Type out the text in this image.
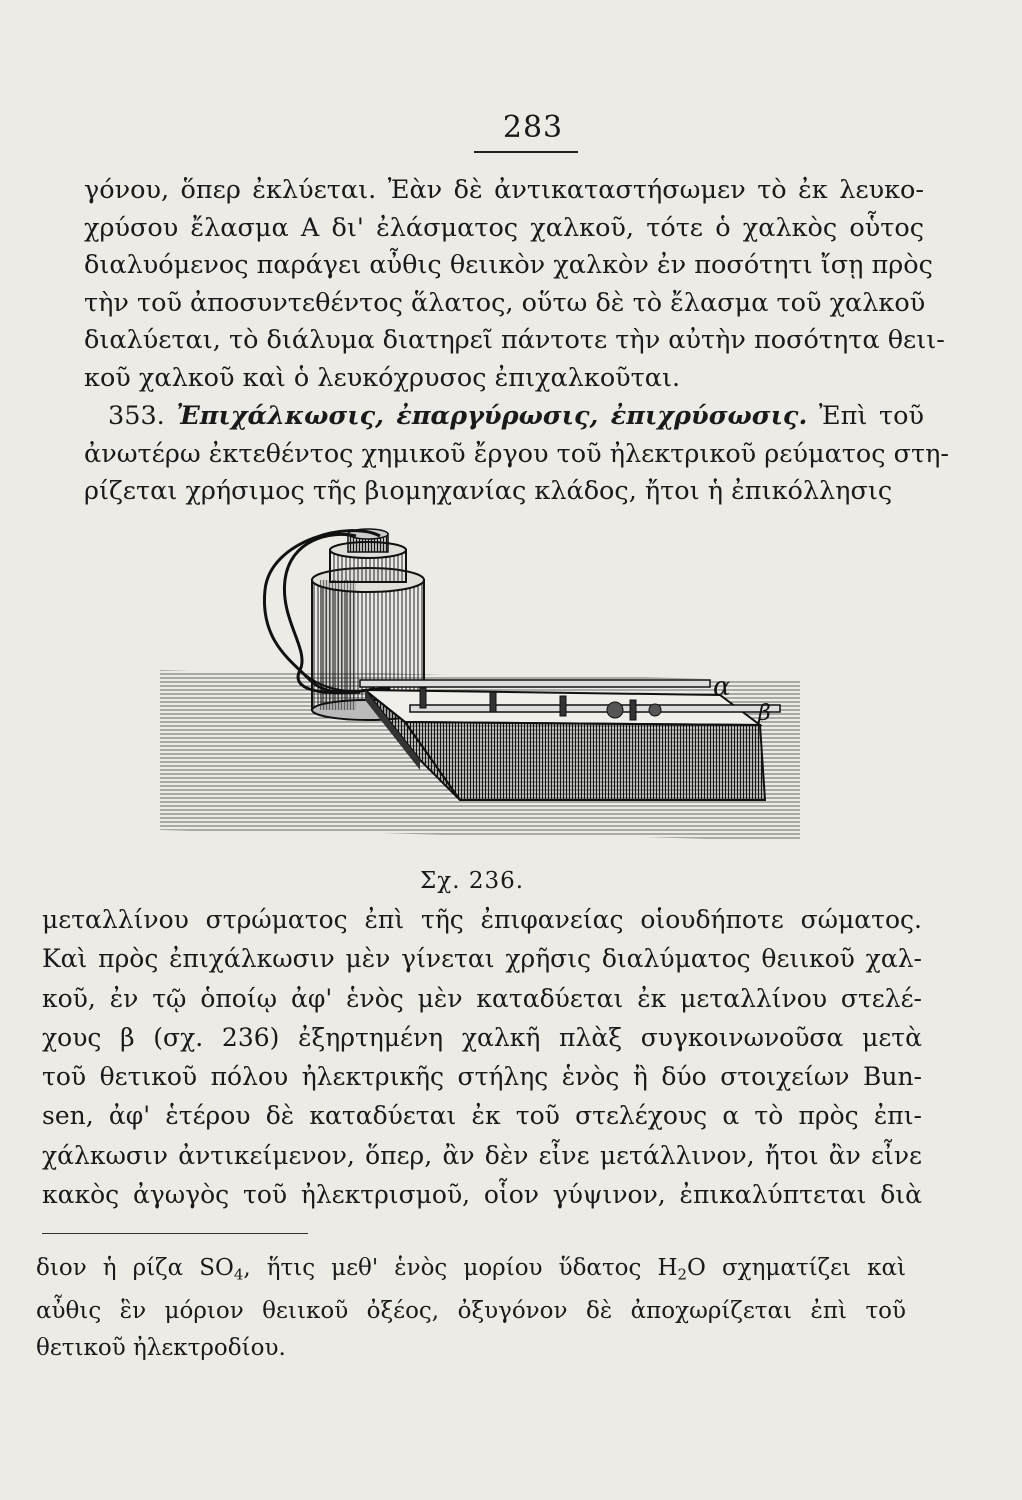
283
γόνου, ὅπερ ἐκλύεται. Ἐὰν δὲ ἀντικαταστήσωμεν τὸ ἐκ λευκο-
χρύσου ἔλασμα Α δι' ἐλάσματος χαλκοῦ, τότε ὁ χαλκὸς οὗτος
διαλυόμενος παράγει αὖθις θειικὸν χαλκὸν ἐν ποσότητι ἴσῃ πρὸς
τὴν τοῦ ἀποσυντεθέντος ἅλατος, οὕτω δὲ τὸ ἔλασμα τοῦ χαλκοῦ
διαλύεται, τὸ διάλυμα διατηρεῖ πάντοτε τὴν αὐτὴν ποσότητα θειι-
κοῦ χαλκοῦ καὶ ὁ λευκόχρυσος ἐπιχαλκοῦται.
353. Ἐπιχάλκωσις, ἐπαργύρωσις, ἐπιχρύσωσις. Ἐπὶ τοῦ
ἀνωτέρω ἐκτεθέντος χημικοῦ ἔργου τοῦ ἠλεκτρικοῦ ρεύματος στη-
ρίζεται χρήσιμος τῆς βιομηχανίας κλάδος, ἤτοι ἡ ἐπικόλλησις
α
β
Σχ. 236.
μεταλλίνου στρώματος ἐπὶ τῆς ἐπιφανείας οἱουδήποτε σώματος.
Καὶ πρὸς ἐπιχάλκωσιν μὲν γίνεται χρῆσις διαλύματος θειικοῦ χαλ-
κοῦ, ἐν τῷ ὁποίῳ ἀφ' ἑνὸς μὲν καταδύεται ἐκ μεταλλίνου στελέ-
χους β (σχ. 236) ἐξηρτημένη χαλκῆ πλὰξ συγκοινωνοῦσα μετὰ
τοῦ θετικοῦ πόλου ἠλεκτρικῆς στήλης ἑνὸς ἢ δύο στοιχείων Bun-
sen, ἀφ' ἑτέρου δὲ καταδύεται ἐκ τοῦ στελέχους α τὸ πρὸς ἐπι-
χάλκωσιν ἀντικείμενον, ὅπερ, ἂν δὲν εἶνε μετάλλινον, ἤτοι ἂν εἶνε
κακὸς ἀγωγὸς τοῦ ἠλεκτρισμοῦ, οἷον γύψινον, ἐπικαλύπτεται διὰ
διον ἡ ρίζα $SO_4$, ἥτις μεθ' ἑνὸς μορίου ὕδατος $H_2O$ σχηματίζει καὶ
αὖθις ἓν μόριον θειικοῦ ὀξέος, ὀξυγόνον δὲ ἀποχωρίζεται ἐπὶ τοῦ
θετικοῦ ἠλεκτροδίου.
